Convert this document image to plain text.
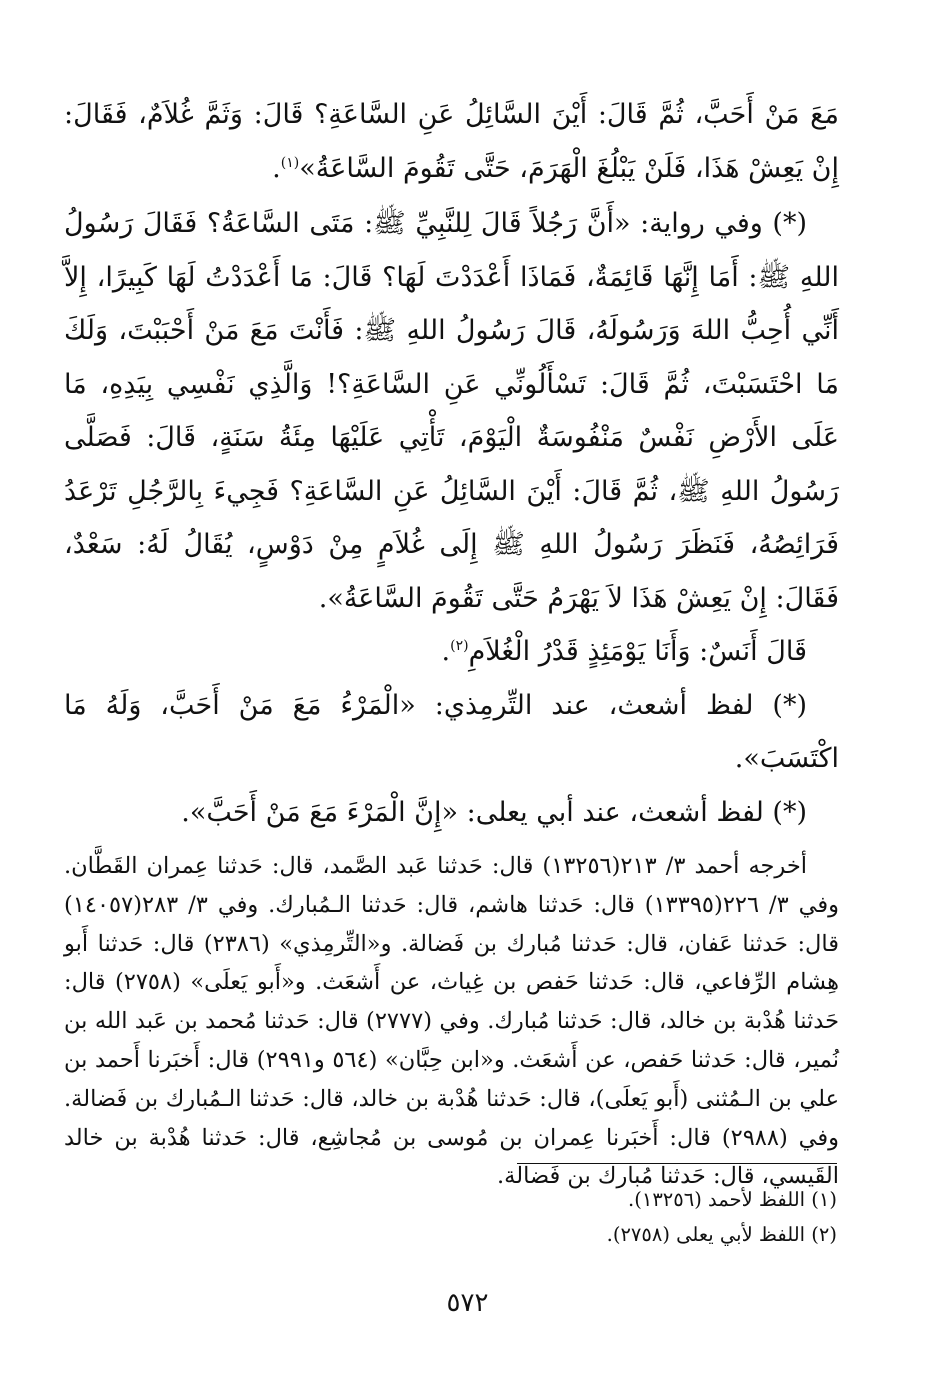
مَعَ مَنْ أَحَبَّ، ثُمَّ قَالَ: أَيْنَ السَّائِلُ عَنِ السَّاعَةِ؟ قَالَ: وَثَمَّ غُلاَمٌ، فَقَالَ: إِنْ يَعِشْ هَذَا، فَلَنْ يَبْلُغَ الْهَرَمَ، حَتَّى تَقُومَ السَّاعَةُ»$^{(١)}$.

(*) وفي رواية: «أَنَّ رَجُلاً قَالَ لِلنَّبِيِّ ﷺ: مَتَى السَّاعَةُ؟ فَقَالَ رَسُولُ اللهِ ﷺ: أَمَا إِنَّهَا قَائِمَةٌ، فَمَاذَا أَعْدَدْتَ لَهَا؟ قَالَ: مَا أَعْدَدْتُ لَهَا كَبِيرًا، إِلاَّ أَنِّي أُحِبُّ اللهَ وَرَسُولَهُ، قَالَ رَسُولُ اللهِ ﷺ: فَأَنْتَ مَعَ مَنْ أَحْبَبْتَ، وَلَكَ مَا احْتَسَبْتَ، ثُمَّ قَالَ: تَسْأَلُونِّي عَنِ السَّاعَةِ؟! وَالَّذِي نَفْسِي بِيَدِهِ، مَا عَلَى الأَرْضِ نَفْسٌ مَنْفُوسَةٌ الْيَوْمَ، تَأْتِي عَلَيْهَا مِئَةُ سَنَةٍ، قَالَ: فَصَلَّى رَسُولُ اللهِ ﷺ، ثُمَّ قَالَ: أَيْنَ السَّائِلُ عَنِ السَّاعَةِ؟ فَجِيءَ بِالرَّجُلِ تَرْعَدُ فَرَائِصُهُ، فَنَظَرَ رَسُولُ اللهِ ﷺ إِلَى غُلاَمٍ مِنْ دَوْسٍ، يُقَالُ لَهُ: سَعْدٌ، فَقَالَ: إِنْ يَعِشْ هَذَا لاَ يَهْرَمُ حَتَّى تَقُومَ السَّاعَةُ».

قَالَ أَنَسٌ: وَأَنَا يَوْمَئِذٍ قَدْرُ الْغُلاَمِ$^{(٢)}$.

(*) لفظ أشعث، عند التِّرمِذي: «الْمَرْءُ مَعَ مَنْ أَحَبَّ، وَلَهُ مَا اكْتَسَبَ».

(*) لفظ أشعث، عند أبي يعلى: «إِنَّ الْمَرْءَ مَعَ مَنْ أَحَبَّ».

أخرجه أحمد ٣/ ٢١٣(١٣٢٥٦) قال: حَدثنا عَبد الصَّمد، قال: حَدثنا عِمران القَطَّان. وفي ٣/ ٢٢٦(١٣٣٩٥) قال: حَدثنا هاشم، قال: حَدثنا الـمُبارك. وفي ٣/ ٢٨٣(١٤٠٥٧) قال: حَدثنا عَفان، قال: حَدثنا مُبارك بن فَضالة. و«التِّرمِذي» (٢٣٨٦) قال: حَدثنا أَبو هِشام الرِّفاعي، قال: حَدثنا حَفص بن غِياث، عن أَشعَث. و«أَبو يَعلَى» (٢٧٥٨) قال: حَدثنا هُدْبة بن خالد، قال: حَدثنا مُبارك. وفي (٢٧٧٧) قال: حَدثنا مُحمد بن عَبد الله بن نُمير، قال: حَدثنا حَفص، عن أَشعَث. و«ابن حِبَّان» (٥٦٤ و٢٩٩١) قال: أَخبَرنا أَحمد بن علي بن الـمُثنى (أَبو يَعلَى)، قال: حَدثنا هُدْبة بن خالد، قال: حَدثنا الـمُبارك بن فَضالة. وفي (٢٩٨٨) قال: أَخبَرنا عِمران بن مُوسى بن مُجاشِع، قال: حَدثنا هُدْبة بن خالد القَيسي، قال: حَدثنا مُبارك بن فَضالة.

(١) اللفظ لأحمد (١٣٢٥٦).

(٢) اللفظ لأبي يعلى (٢٧٥٨).

٥٧٢
